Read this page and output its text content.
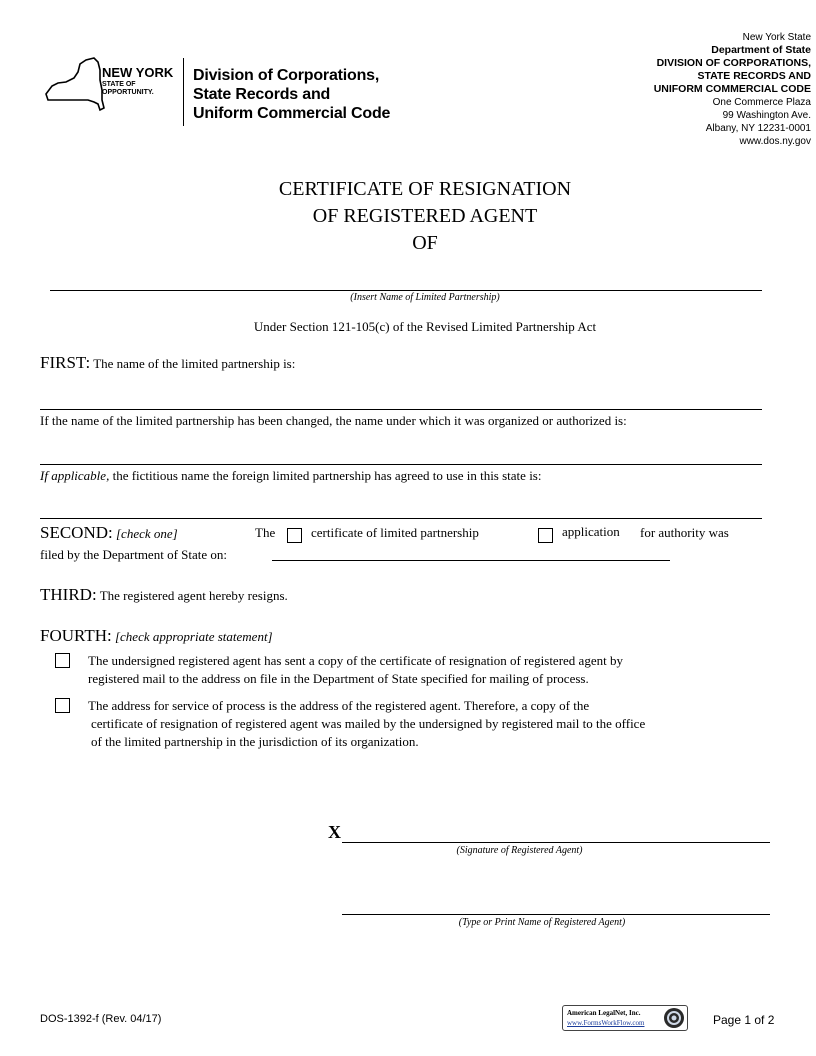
NEW YORK
STATE OF OPPORTUNITY.
Division of Corporations,
State Records and
Uniform Commercial Code
New York State
Department of State
DIVISION OF CORPORATIONS,
STATE RECORDS AND
UNIFORM COMMERCIAL CODE
One Commerce Plaza
99 Washington Ave.
Albany, NY 12231-0001
www.dos.ny.gov
CERTIFICATE OF RESIGNATION
OF REGISTERED AGENT
OF
(Insert Name of Limited Partnership)
Under Section 121-105(c) of the Revised Limited Partnership Act
FIRST: The name of the limited partnership is:
If the name of the limited partnership has been changed, the name under which it was organized or authorized is:
If applicable, the fictitious name the foreign limited partnership has agreed to use in this state is:
SECOND: [check one]	The	certificate of limited partnership	application for authority was
filed by the Department of State on:
THIRD: The registered agent hereby resigns.
FOURTH: [check appropriate statement]
The undersigned registered agent has sent a copy of the certificate of resignation of registered agent by
registered mail to the address on file in the Department of State specified for mailing of process.
The address for service of process is the address of the registered agent. Therefore, a copy of the
certificate of resignation of registered agent was mailed by the undersigned by registered mail to the office
of the limited partnership in the jurisdiction of its organization.
X
(Signature of Registered Agent)
(Type or Print Name of Registered Agent)
DOS-1392-f (Rev. 04/17)	American LegalNet, Inc.
www.FormsWorkFlow.com	Page 1 of 2
